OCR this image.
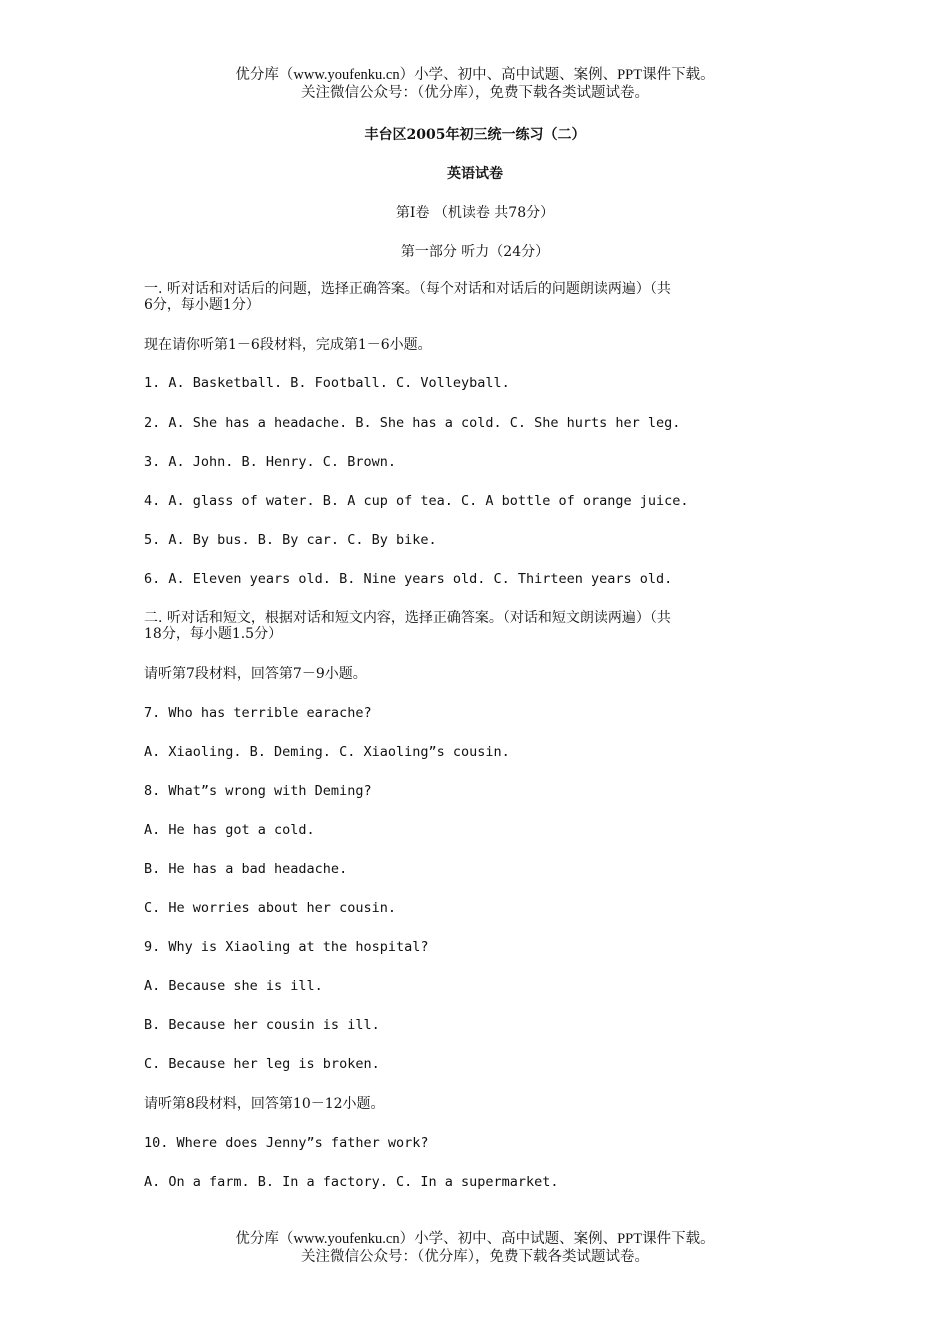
优分库（www.youfenku.cn）小学、初中、高中试题、案例、PPT课件下载。
关注微信公众号：（优分库），免费下载各类试题试卷。
丰台区2005年初三统一练习（二）
英语试卷
第Ⅰ卷 （机读卷 共78分）
第一部分 听力（24分）
一. 听对话和对话后的问题，选择正确答案。（每个对话和对话后的问题朗读两遍）（共
6分，每小题1分）
现在请你听第1－6段材料，完成第1－6小题。
1. A. Basketball. B. Football. C. Volleyball.
2. A. She has a headache. B. She has a cold. C. She hurts her leg.
3. A. John. B. Henry. C. Brown.
4. A. glass of water. B. A cup of tea. C. A bottle of orange juice.
5. A. By bus. B. By car. C. By bike.
6. A. Eleven years old. B. Nine years old. C. Thirteen years old.
二. 听对话和短文，根据对话和短文内容，选择正确答案。（对话和短文朗读两遍）（共
18分，每小题1.5分）
请听第7段材料，回答第7－9小题。
7. Who has terrible earache?
A. Xiaoling. B. Deming. C. Xiaoling”s cousin.
8. What”s wrong with Deming?
A. He has got a cold.
B. He has a bad headache.
C. He worries about her cousin.
9. Why is Xiaoling at the hospital?
A. Because she is ill.
B. Because her cousin is ill.
C. Because her leg is broken.
请听第8段材料，回答第10－12小题。
10. Where does Jenny”s father work?
A. On a farm. B. In a factory. C. In a supermarket.
优分库（www.youfenku.cn）小学、初中、高中试题、案例、PPT课件下载。
关注微信公众号：（优分库），免费下载各类试题试卷。
